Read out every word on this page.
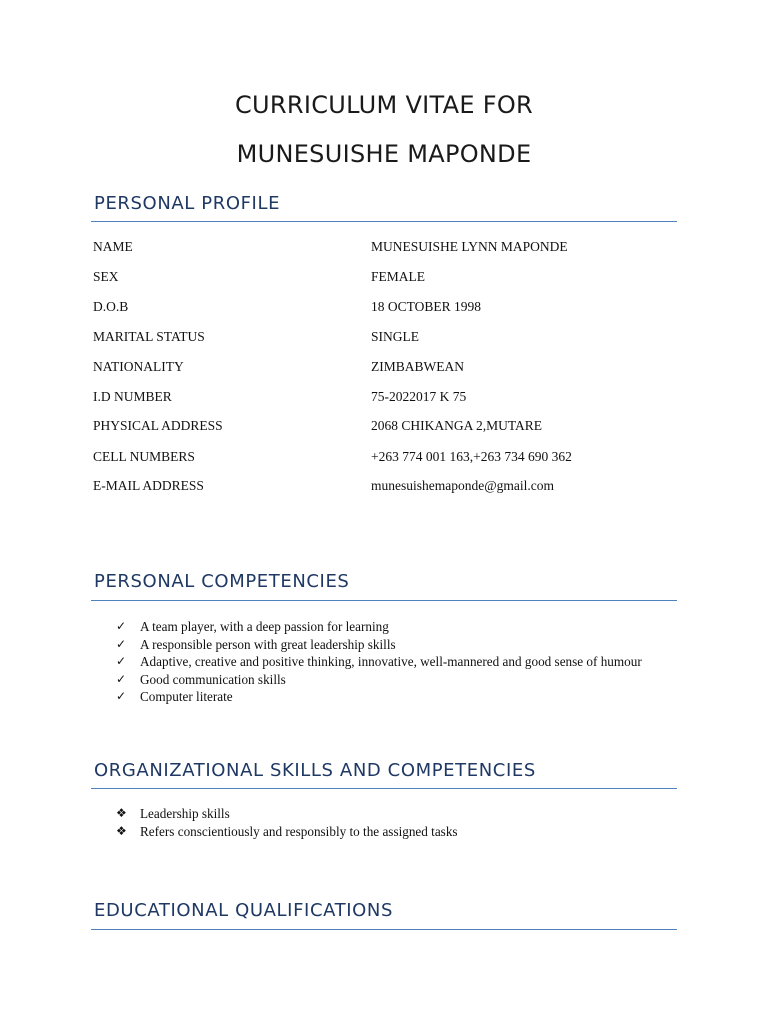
CURRICULUM VITAE FOR
MUNESUISHE MAPONDE
PERSONAL PROFILE
NAME	MUNESUISHE LYNN MAPONDE
SEX	FEMALE
D.O.B	18 OCTOBER 1998
MARITAL STATUS	SINGLE
NATIONALITY	ZIMBABWEAN
I.D NUMBER	75-2022017 K 75
PHYSICAL ADDRESS	2068 CHIKANGA 2,MUTARE
CELL NUMBERS	+263 774 001 163,+263 734 690 362
E-MAIL ADDRESS	munesuishemaponde@gmail.com
PERSONAL COMPETENCIES
✓	A team player, with a deep passion for learning
✓	A responsible person with great leadership skills
✓	Adaptive, creative and positive thinking, innovative, well-mannered and good sense of humour
✓	Good communication skills
✓	Computer literate
ORGANIZATIONAL SKILLS AND COMPETENCIES
❖	Leadership skills
❖	Refers conscientiously and responsibly to the assigned tasks
EDUCATIONAL QUALIFICATIONS
